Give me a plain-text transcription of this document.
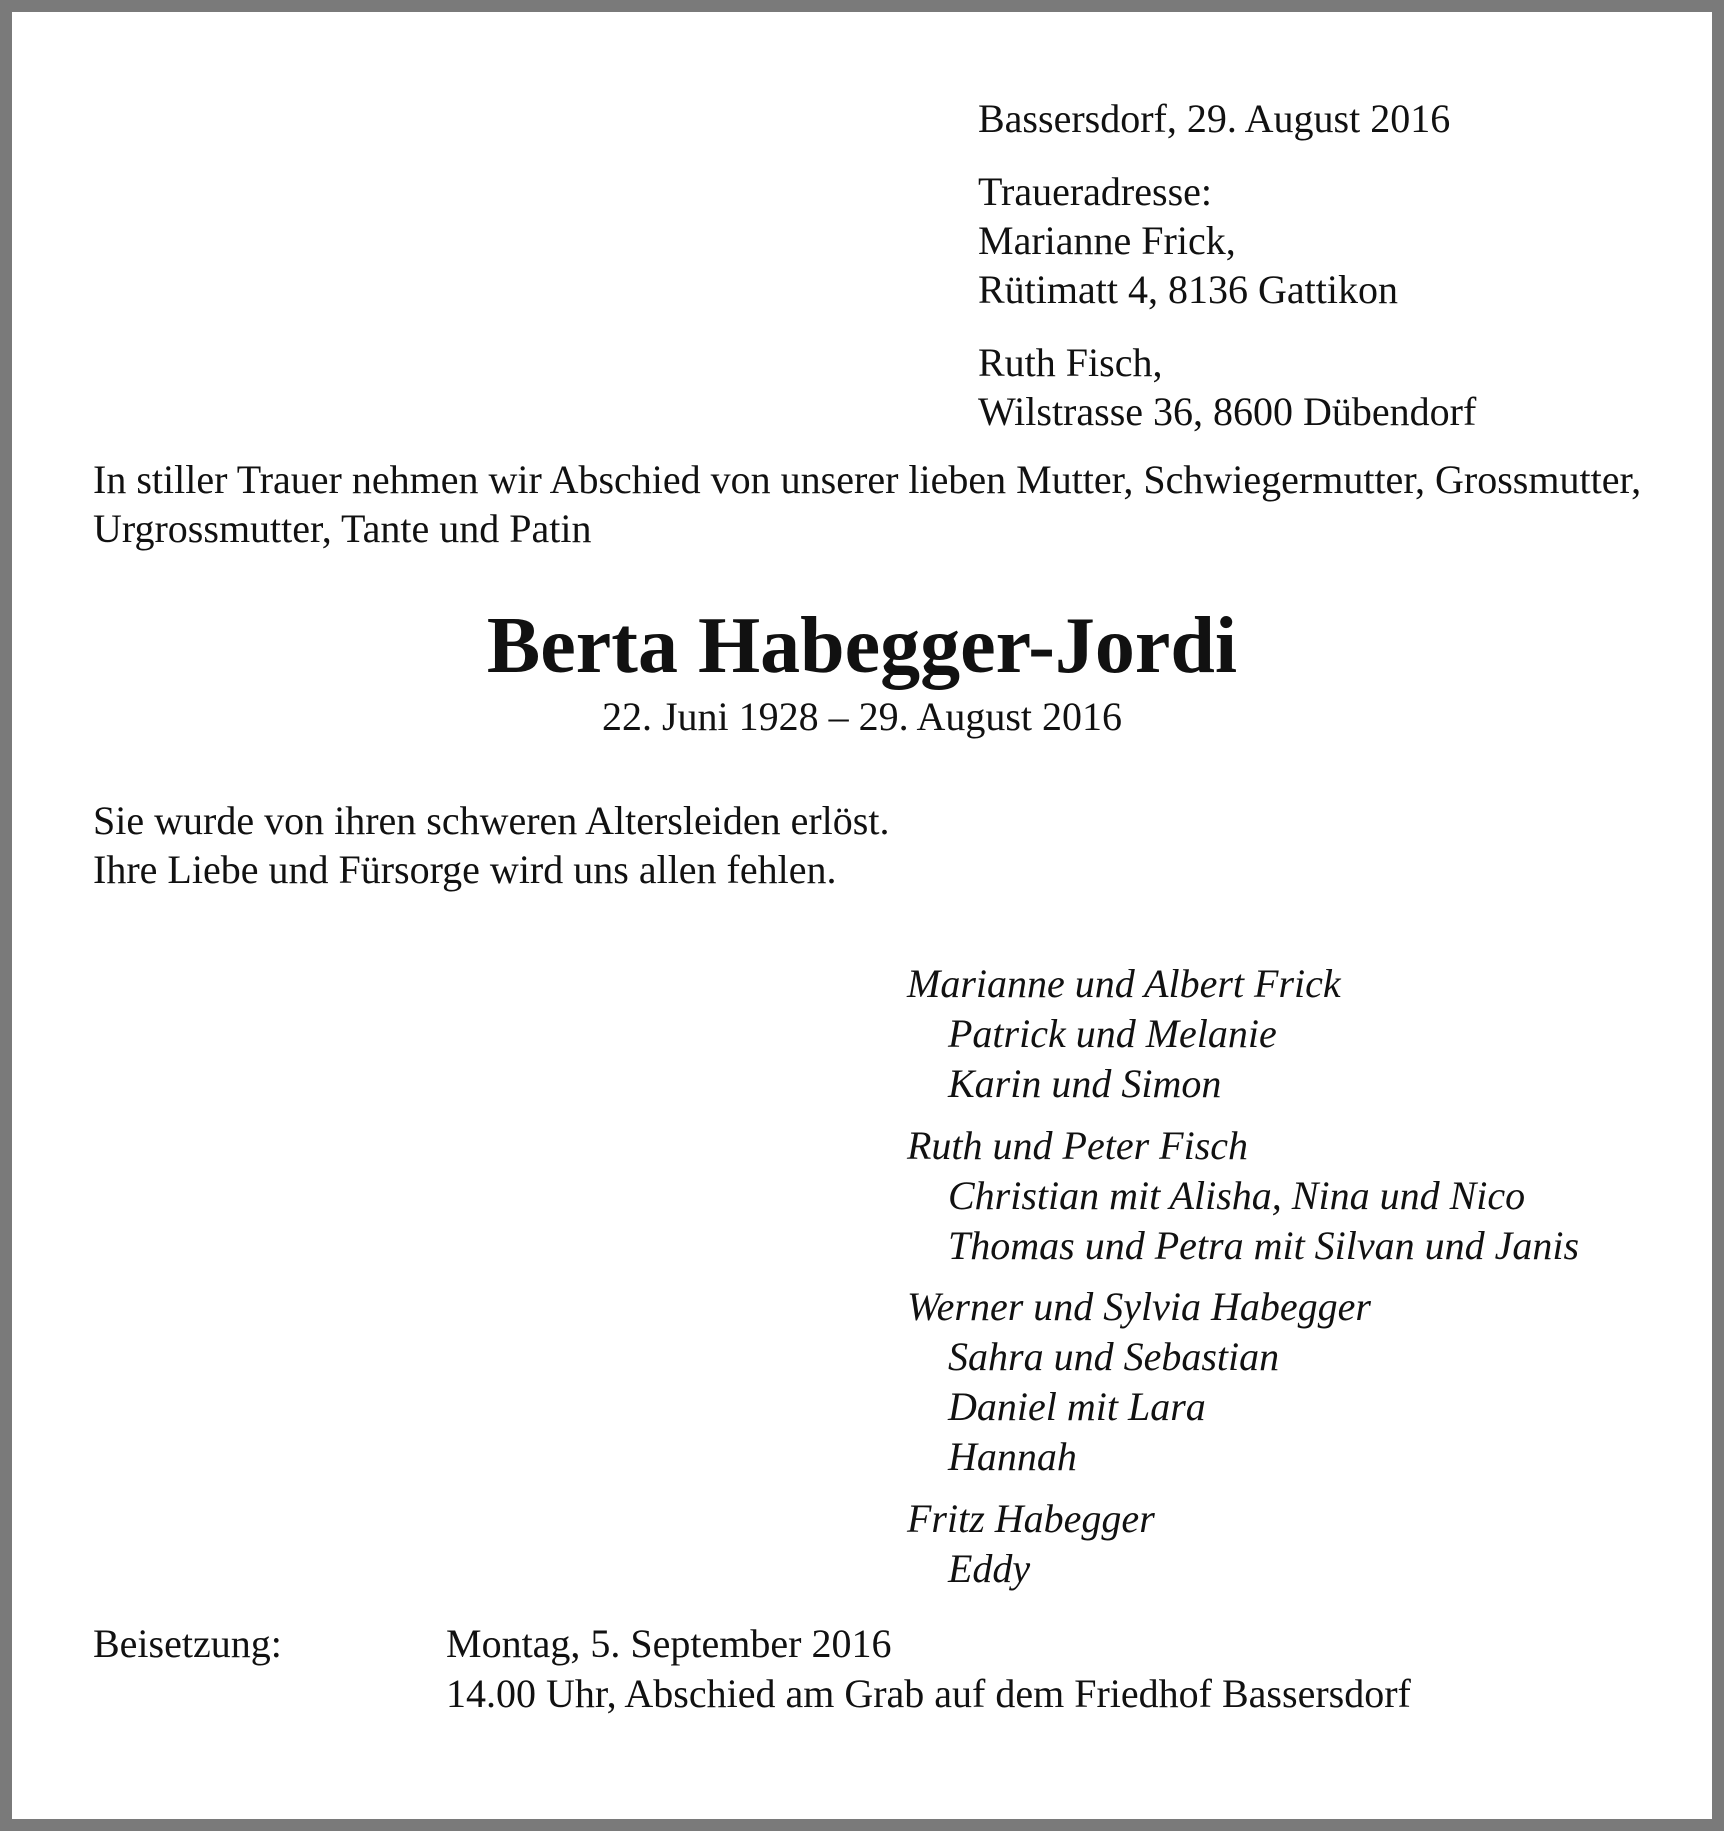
Bassersdorf, 29. August 2016
Traueradresse:
Marianne Frick,
Rütimatt 4, 8136 Gattikon
Ruth Fisch,
Wilstrasse 36, 8600 Dübendorf
In stiller Trauer nehmen wir Abschied von unserer lieben Mutter, Schwiegermutter, Grossmutter,
Urgrossmutter, Tante und Patin
Berta Habegger-Jordi
22. Juni 1928 – 29. August 2016
Sie wurde von ihren schweren Altersleiden erlöst.
Ihre Liebe und Fürsorge wird uns allen fehlen.
Marianne und Albert Frick
Patrick und Melanie
Karin und Simon
Ruth und Peter Fisch
Christian mit Alisha, Nina und Nico
Thomas und Petra mit Silvan und Janis
Werner und Sylvia Habegger
Sahra und Sebastian
Daniel mit Lara
Hannah
Fritz Habegger
Eddy
Beisetzung:	Montag, 5. September 2016
14.00 Uhr, Abschied am Grab auf dem Friedhof Bassersdorf
